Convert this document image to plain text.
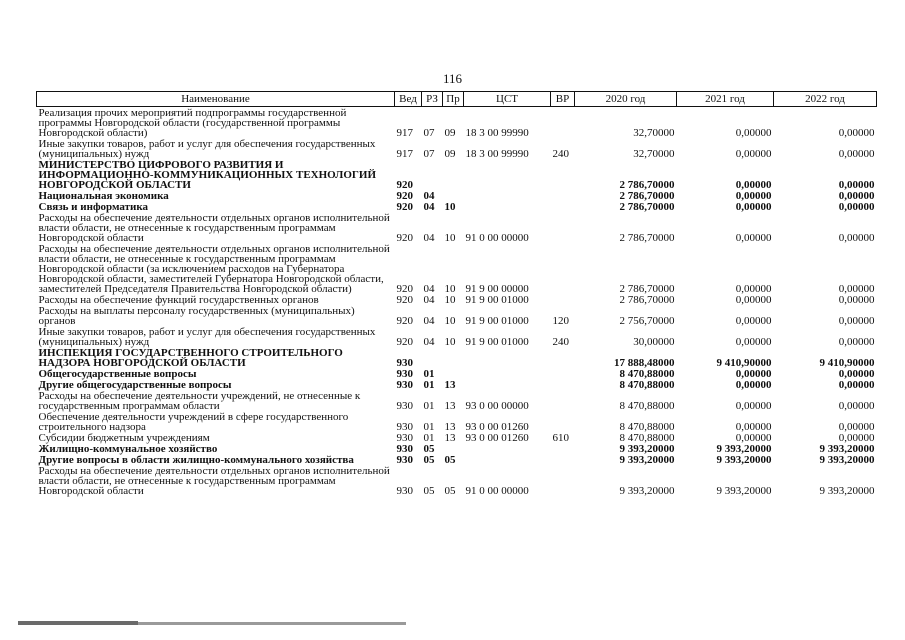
116
Наименование	Вед	РЗ	Пр	ЦСТ	ВР	2020 год	2021 год	2022 год
Реализация прочих мероприятий подпрограммы государственной программы Новгородской области (государственной программы Новгородской области)	917	07	09	18 3 00 99990		32,70000	0,00000	0,00000
Иные закупки товаров, работ и услуг для обеспечения государственных (муниципальных) нужд	917	07	09	18 3 00 99990	240	32,70000	0,00000	0,00000
МИНИСТЕРСТВО ЦИФРОВОГО РАЗВИТИЯ И ИНФОРМАЦИОННО-КОММУНИКАЦИОННЫХ ТЕХНОЛОГИЙ НОВГОРОДСКОЙ ОБЛАСТИ	920					2 786,70000	0,00000	0,00000
Национальная экономика	920	04				2 786,70000	0,00000	0,00000
Связь и информатика	920	04	10			2 786,70000	0,00000	0,00000
Расходы на обеспечение деятельности отдельных органов исполнительной власти области, не отнесенные к государственным программам Новгородской области	920	04	10	91 0 00 00000		2 786,70000	0,00000	0,00000
Расходы на обеспечение деятельности отдельных органов исполнительной власти области, не отнесенные к государственным программам Новгородской области (за исключением расходов на Губернатора Новгородской области, заместителей Губернатора Новгородской области, заместителей Председателя Правительства Новгородской области)	920	04	10	91 9 00 00000		2 786,70000	0,00000	0,00000
Расходы на обеспечение функций государственных органов	920	04	10	91 9 00 01000		2 786,70000	0,00000	0,00000
Расходы на выплаты персоналу государственных (муниципальных) органов	920	04	10	91 9 00 01000	120	2 756,70000	0,00000	0,00000
Иные закупки товаров, работ и услуг для обеспечения государственных (муниципальных) нужд	920	04	10	91 9 00 01000	240	30,00000	0,00000	0,00000
ИНСПЕКЦИЯ ГОСУДАРСТВЕННОГО СТРОИТЕЛЬНОГО НАДЗОРА НОВГОРОДСКОЙ ОБЛАСТИ	930					17 888,48000	9 410,90000	9 410,90000
Общегосударственные вопросы	930	01				8 470,88000	0,00000	0,00000
Другие общегосударственные вопросы	930	01	13			8 470,88000	0,00000	0,00000
Расходы на обеспечение деятельности учреждений, не отнесенные к государственным программам области	930	01	13	93 0 00 00000		8 470,88000	0,00000	0,00000
Обеспечение деятельности учреждений в сфере государственного строительного надзора	930	01	13	93 0 00 01260		8 470,88000	0,00000	0,00000
Субсидии бюджетным учреждениям	930	01	13	93 0 00 01260	610	8 470,88000	0,00000	0,00000
Жилищно-коммунальное хозяйство	930	05				9 393,20000	9 393,20000	9 393,20000
Другие вопросы в области жилищно-коммунального хозяйства	930	05	05			9 393,20000	9 393,20000	9 393,20000
Расходы на обеспечение деятельности отдельных органов исполнительной власти области, не отнесенные к государственным программам Новгородской области	930	05	05	91 0 00 00000		9 393,20000	9 393,20000	9 393,20000
